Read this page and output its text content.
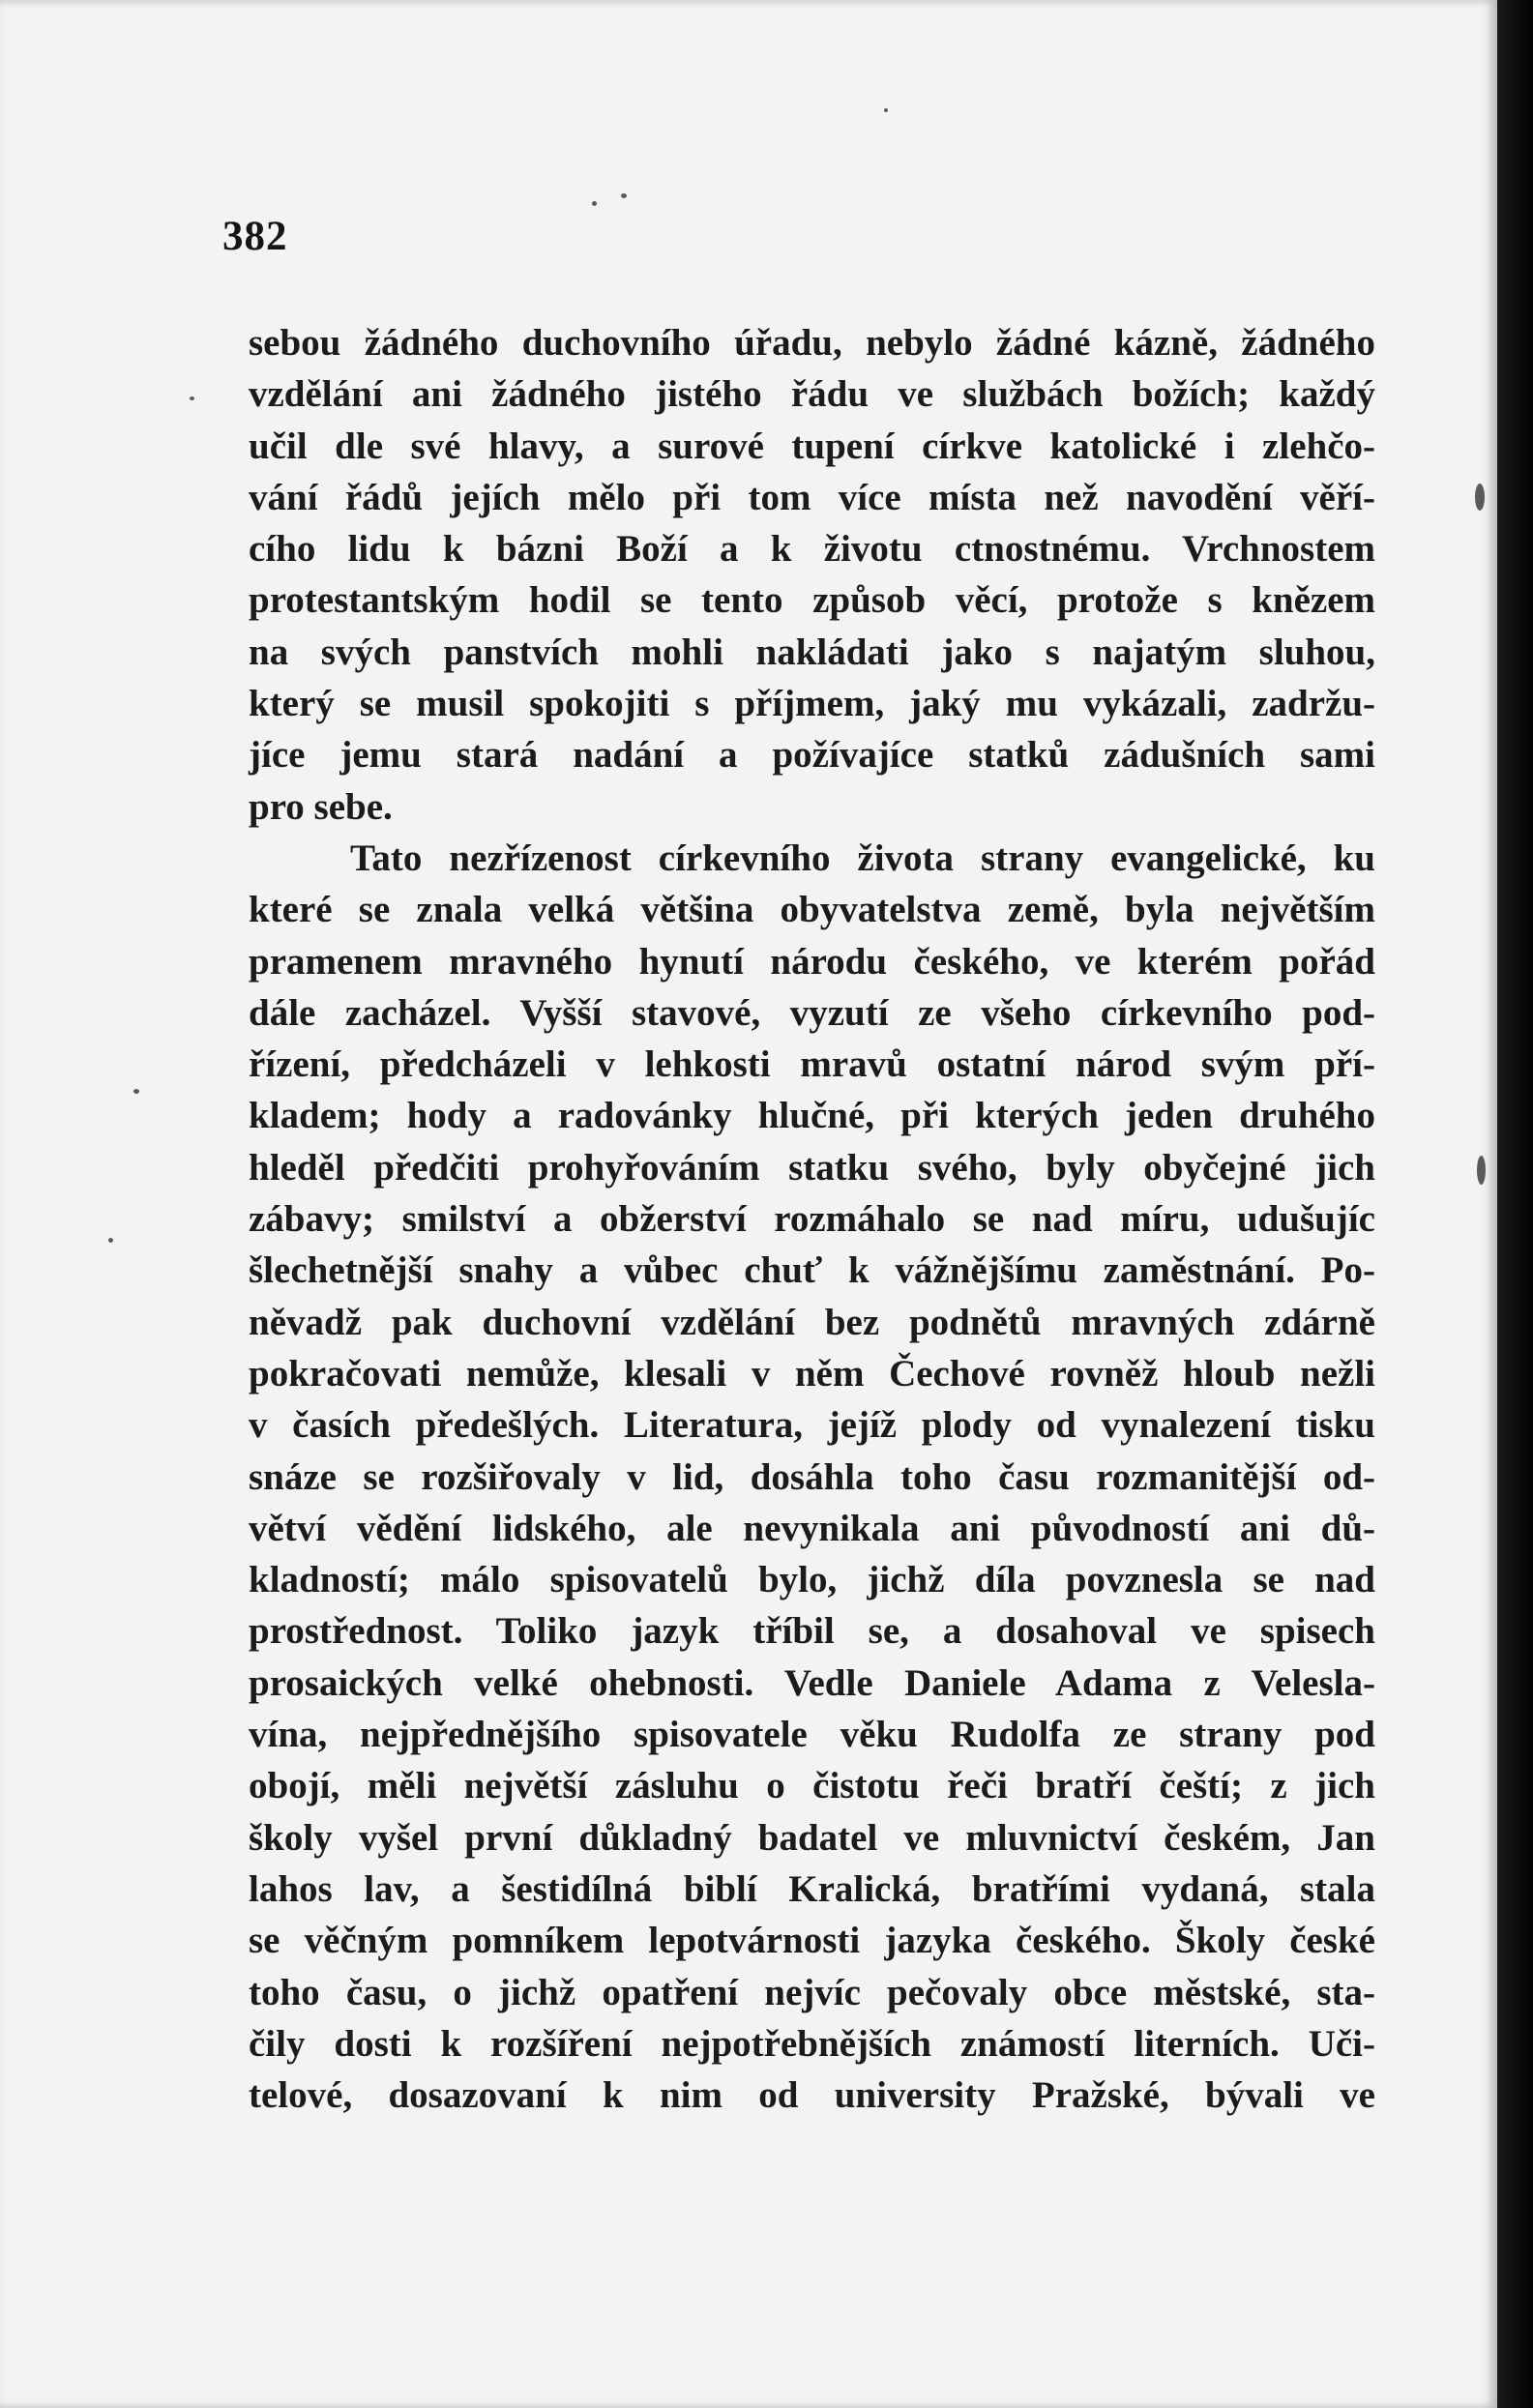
382

sebou žádného duchovního úřadu, nebylo žádné kázně, žádného
vzdělání ani žádného jistého řádu ve službách božích; každý
učil dle své hlavy, a surové tupení církve katolické i zlehčo-
vání řádů jejích mělo při tom více místa než navodění věří-
cího lidu k bázni Boží a k životu ctnostnému. Vrchnostem
protestantským hodil se tento způsob věcí, protože s knězem
na svých panstvích mohli nakládati jako s najatým sluhou,
který se musil spokojiti s příjmem, jaký mu vykázali, zadržu-
jíce jemu stará nadání a požívajíce statků zádušních sami
pro sebe.
Tato nezřízenost církevního života strany evangelické, ku
které se znala velká většina obyvatelstva země, byla největším
pramenem mravného hynutí národu českého, ve kterém pořád
dále zacházel. Vyšší stavové, vyzutí ze všeho církevního pod-
řízení, předcházeli v lehkosti mravů ostatní národ svým pří-
kladem; hody a radovánky hlučné, při kterých jeden druhého
hleděl předčiti prohyřováním statku svého, byly obyčejné jich
zábavy; smilství a obžerství rozmáhalo se nad míru, udušujíc
šlechetnější snahy a vůbec chuť k vážnějšímu zaměstnání. Po-
něvadž pak duchovní vzdělání bez podnětů mravných zdárně
pokračovati nemůže, klesali v něm Čechové rovněž hloub nežli
v časích předešlých. Literatura, jejíž plody od vynalezení tisku
snáze se rozšiřovaly v lid, dosáhla toho času rozmanitější od-
větví vědění lidského, ale nevynikala ani původností ani dů-
kladností; málo spisovatelů bylo, jichž díla povznesla se nad
prostřednost. Toliko jazyk tříbil se, a dosahoval ve spisech
prosaických velké ohebnosti. Vedle Daniele Adama z Velesla-
vína, nejpřednějšího spisovatele věku Rudolfa ze strany pod
obojí, měli největší zásluhu o čistotu řeči bratří čeští; z jich
školy vyšel první důkladný badatel ve mluvnictví českém, Jan
lahos lav, a šestidílná biblí Kralická, bratřími vydaná, stala
se věčným pomníkem lepotvárnosti jazyka českého. Školy české
toho času, o jichž opatření nejvíc pečovaly obce městské, sta-
čily dosti k rozšíření nejpotřebnějších známostí literních. Uči-
telové, dosazovaní k nim od university Pražské, bývali ve
